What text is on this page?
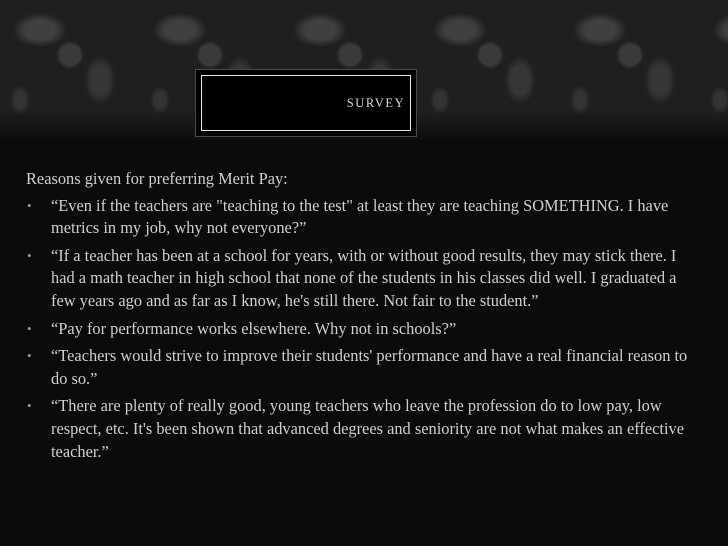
SURVEY

Reasons given for preferring Merit Pay:

• “Even if the teachers are "teaching to the test" at least they are teaching SOMETHING. I have metrics in my job, why not everyone?”
• “If a teacher has been at a school for years, with or without good results, they may stick there. I had a math teacher in high school that none of the students in his classes did well. I graduated a few years ago and as far as I know, he's still there. Not fair to the student.”
• “Pay for performance works elsewhere. Why not in schools?”
• “Teachers would strive to improve their students' performance and have a real financial reason to do so.”
• “There are plenty of really good, young teachers who leave the profession do to low pay, low respect, etc. It's been shown that advanced degrees and seniority are not what makes an effective teacher.”
